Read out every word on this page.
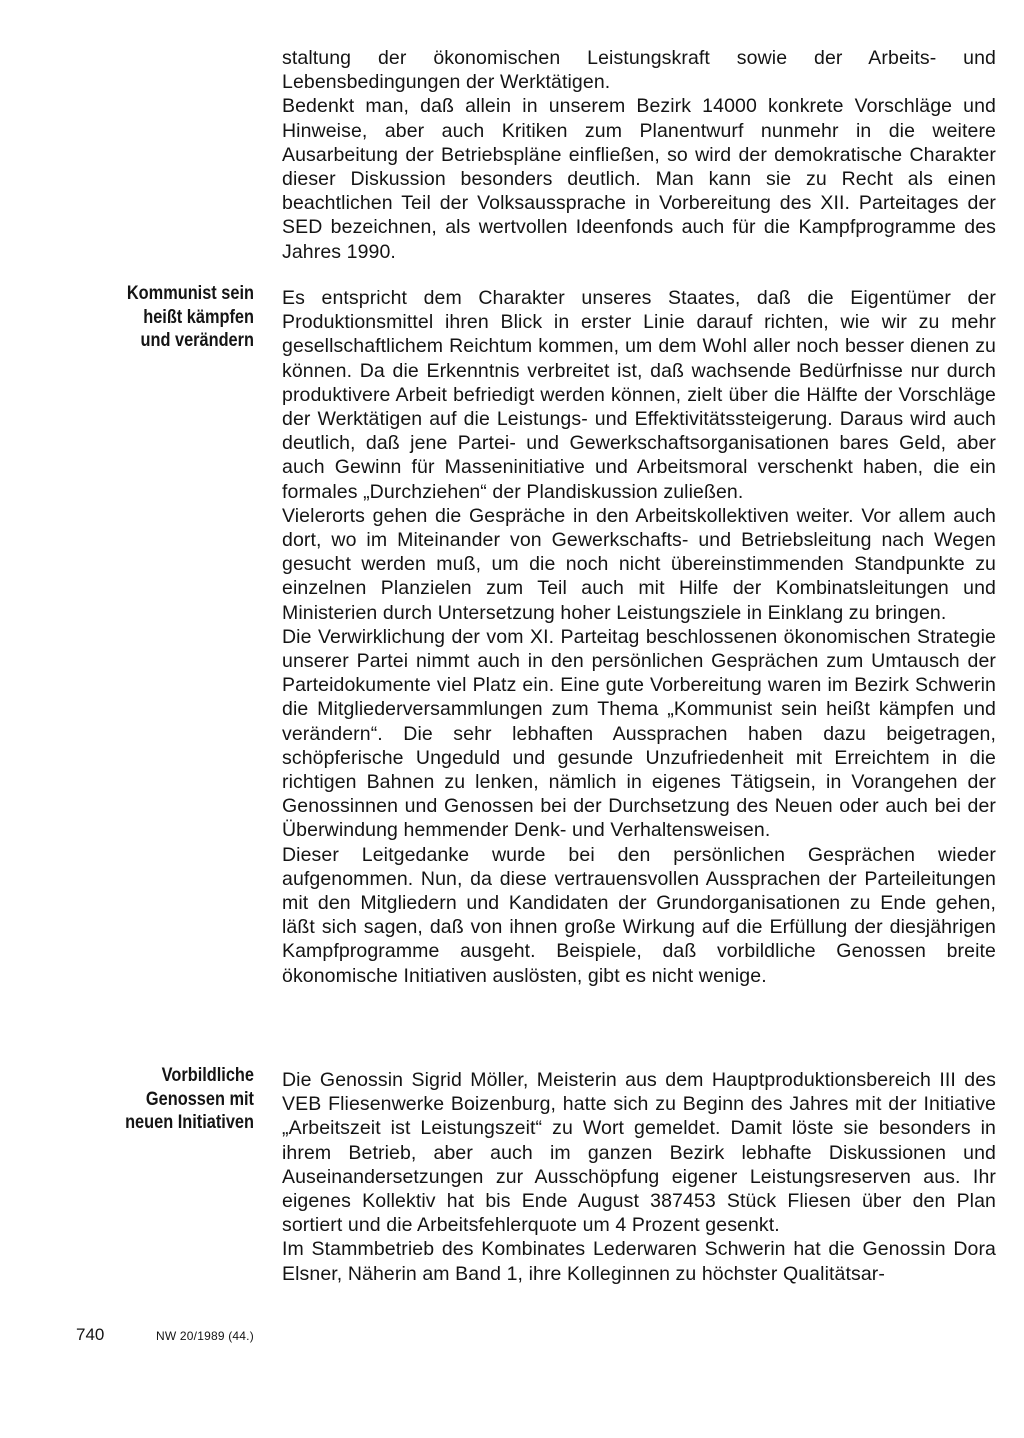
staltung der ökonomischen Leistungskraft sowie der Arbeits- und Lebensbedingungen der Werktätigen.

Bedenkt man, daß allein in unserem Bezirk 14000 konkrete Vorschläge und Hinweise, aber auch Kritiken zum Planentwurf nunmehr in die weitere Ausarbeitung der Betriebspläne einfließen, so wird der demokratische Charakter dieser Diskussion besonders deutlich. Man kann sie zu Recht als einen beachtlichen Teil der Volksaussprache in Vorbereitung des XII. Parteitages der SED bezeichnen, als wertvollen Ideenfonds auch für die Kampfprogramme des Jahres 1990.

Kommunist sein
heißt kämpfen
und verändern

Es entspricht dem Charakter unseres Staates, daß die Eigentümer der Produktionsmittel ihren Blick in erster Linie darauf richten, wie wir zu mehr gesellschaftlichem Reichtum kommen, um dem Wohl aller noch besser dienen zu können. Da die Erkenntnis verbreitet ist, daß wachsende Bedürfnisse nur durch produktivere Arbeit befriedigt werden können, zielt über die Hälfte der Vorschläge der Werktätigen auf die Leistungs- und Effektivitätssteigerung. Daraus wird auch deutlich, daß jene Partei- und Gewerkschaftsorganisationen bares Geld, aber auch Gewinn für Masseninitiative und Arbeitsmoral verschenkt haben, die ein formales „Durchziehen“ der Plandiskussion zuließen.

Vielerorts gehen die Gespräche in den Arbeitskollektiven weiter. Vor allem auch dort, wo im Miteinander von Gewerkschafts- und Betriebsleitung nach Wegen gesucht werden muß, um die noch nicht übereinstimmenden Standpunkte zu einzelnen Planzielen zum Teil auch mit Hilfe der Kombinatsleitungen und Ministerien durch Untersetzung hoher Leistungsziele in Einklang zu bringen.

Die Verwirklichung der vom XI. Parteitag beschlossenen ökonomischen Strategie unserer Partei nimmt auch in den persönlichen Gesprächen zum Umtausch der Parteidokumente viel Platz ein. Eine gute Vorbereitung waren im Bezirk Schwerin die Mitgliederversammlungen zum Thema „Kommunist sein heißt kämpfen und verändern“. Die sehr lebhaften Aussprachen haben dazu beigetragen, schöpferische Ungeduld und gesunde Unzufriedenheit mit Erreichtem in die richtigen Bahnen zu lenken, nämlich in eigenes Tätigsein, in Vorangehen der Genossinnen und Genossen bei der Durchsetzung des Neuen oder auch bei der Überwindung hemmender Denk- und Verhaltensweisen.

Dieser Leitgedanke wurde bei den persönlichen Gesprächen wieder aufgenommen. Nun, da diese vertrauensvollen Aussprachen der Parteileitungen mit den Mitgliedern und Kandidaten der Grundorganisationen zu Ende gehen, läßt sich sagen, daß von ihnen große Wirkung auf die Erfüllung der diesjährigen Kampfprogramme ausgeht. Beispiele, daß vorbildliche Genossen breite ökonomische Initiativen auslösten, gibt es nicht wenige.

Vorbildliche
Genossen mit
neuen Initiativen

Die Genossin Sigrid Möller, Meisterin aus dem Hauptproduktionsbereich III des VEB Fliesenwerke Boizenburg, hatte sich zu Beginn des Jahres mit der Initiative „Arbeitszeit ist Leistungszeit“ zu Wort gemeldet. Damit löste sie besonders in ihrem Betrieb, aber auch im ganzen Bezirk lebhafte Diskussionen und Auseinandersetzungen zur Ausschöpfung eigener Leistungsreserven aus. Ihr eigenes Kollektiv hat bis Ende August 387453 Stück Fliesen über den Plan sortiert und die Arbeitsfehlerquote um 4 Prozent gesenkt.

Im Stammbetrieb des Kombinates Lederwaren Schwerin hat die Genossin Dora Elsner, Näherin am Band 1, ihre Kolleginnen zu höchster Qualitätsar-

740	NW 20/1989 (44.)
